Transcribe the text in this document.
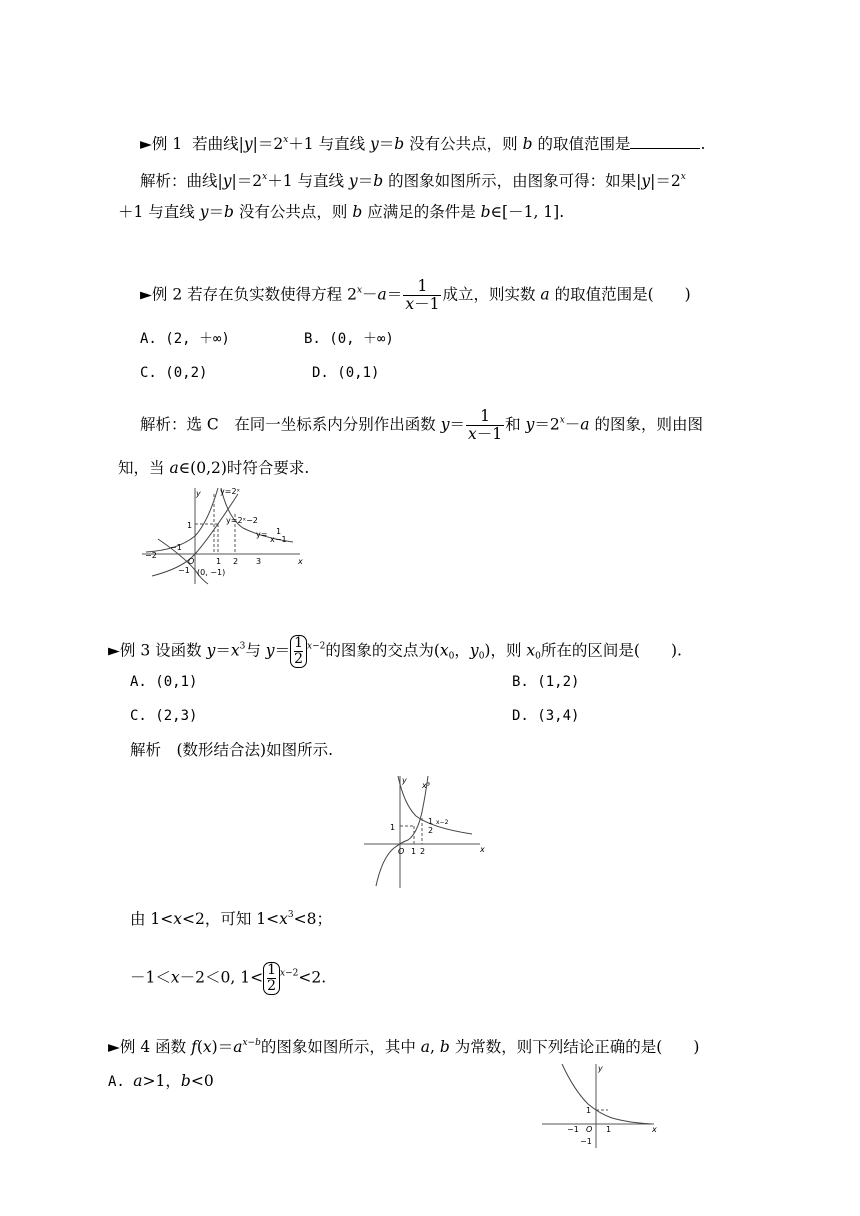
►例 1 若曲线$|y|=2^x+1$ 与直线 y＝b 没有公共点，则 b 的取值范围是	.
解析：曲线$|y|=2^x+1$ 与直线 y＝b 的图象如图所示，由图象可得：如果$|y|=2^x$
＋1 与直线 y＝b 没有公共点，则 b 应满足的条件是 b∈[－1, 1].
►例 2 若存在负实数使得方程 $2^x-a= \frac{1}{x-1}$ 成立，则实数 a 的取值范围是(　　)
A. (2, ＋∞)	B. (0, ＋∞)
C. (0,2)	D. (0,1)
解析：选 C　在同一坐标系内分别作出函数 $y= \frac{1}{x-1}$ 和 $y=2^x-a$ 的图象，则由图
知，当 a∈(0,2)时符合要求.
y
x
y=2ˣ
y=2ˣ−2
y= 1
x−1
O
−2
−1
1 2 3
1
−1 (0, −1)
►例 3 设函数 $y=x^3$与 $y= \frac{1}{2} ^{x-2}$的图象的交点为($x_0$，$y_0$)，则 $x_0$所在的区间是(　　).
A. (0,1)	B. (1,2)
C. (2,3)	D. (3,4)
解析　(数形结合法)如图所示.
y
x
x³
1
2
x−2
O 1 2
1
由 1<x<2，可知 $1<x^3<8$；
－1＜x－2＜0, $1< \frac{1}{2} ^{x-2}<2$.
►例 4 函数 $f(x)=a^{x-b}$的图象如图所示，其中 a, b 为常数，则下列结论正确的是(　　)
A. a>1，b<0
y
x
O
−1	1
1
−1
